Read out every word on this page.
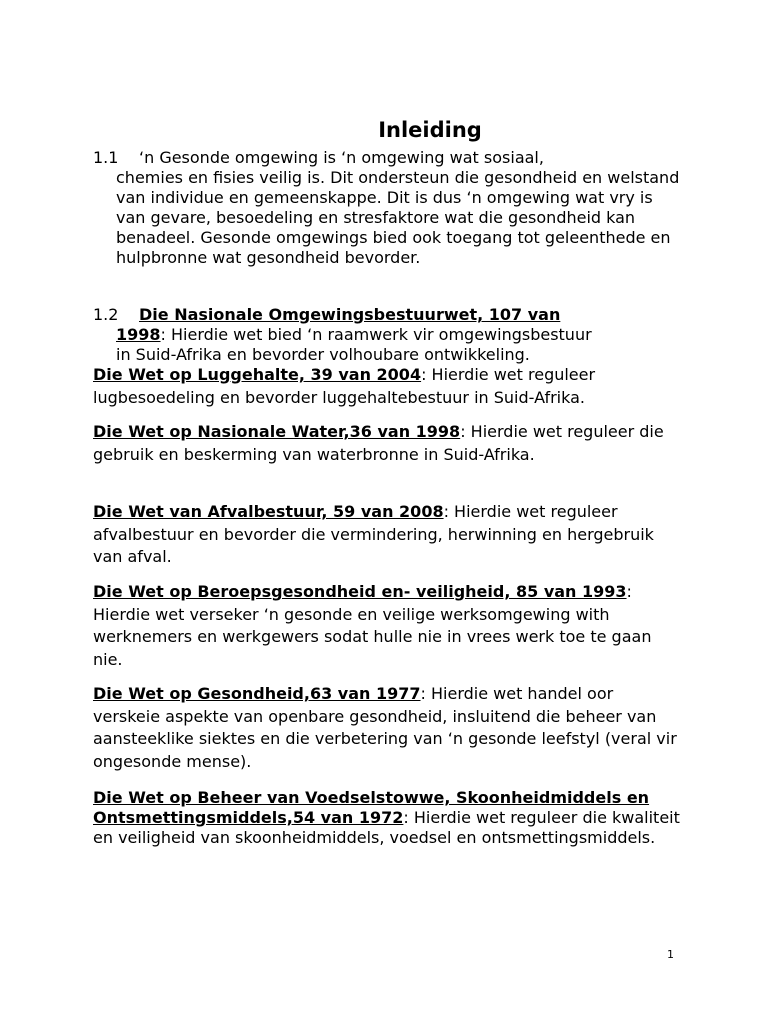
Inleiding
1.1 ‘n Gesonde omgewing is ‘n omgewing wat sosiaal,
chemies en fisies veilig is. Dit ondersteun die gesondheid en welstand van individue en gemeenskappe. Dit is dus ‘n omgewing wat vry is van gevare, besoedeling en stresfaktore wat die gesondheid kan benadeel. Gesonde omgewings bied ook toegang tot geleenthede en hulpbronne wat gesondheid bevorder.
1.2 Die Nasionale Omgewingsbestuurwet, 107 van
1998: Hierdie wet bied ‘n raamwerk vir omgewingsbestuur
in Suid-Afrika en bevorder volhoubare ontwikkeling.

Die Wet op Luggehalte, 39 van 2004: Hierdie wet reguleer lugbesoedeling en bevorder luggehaltebestuur in Suid-Afrika.

Die Wet op Nasionale Water,36 van 1998: Hierdie wet reguleer die gebruik en beskerming van waterbronne in Suid-Afrika.

Die Wet van Afvalbestuur, 59 van 2008: Hierdie wet reguleer afvalbestuur en bevorder die vermindering, herwinning en hergebruik van afval.

Die Wet op Beroepsgesondheid en- veiligheid, 85 van 1993: Hierdie wet verseker ‘n gesonde en veilige werksomgewing with werknemers en werkgewers sodat hulle nie in vrees werk toe te gaan nie.

Die Wet op Gesondheid,63 van 1977: Hierdie wet handel oor verskeie aspekte van openbare gesondheid, insluitend die beheer van aansteeklike siektes en die verbetering van ‘n gesonde leefstyl (veral vir ongesonde mense).

Die Wet op Beheer van Voedselstowwe, Skoonheidmiddels en Ontsmettingsmiddels,54 van 1972: Hierdie wet reguleer die kwaliteit en veiligheid van skoonheidmiddels, voedsel en ontsmettingsmiddels.

1
